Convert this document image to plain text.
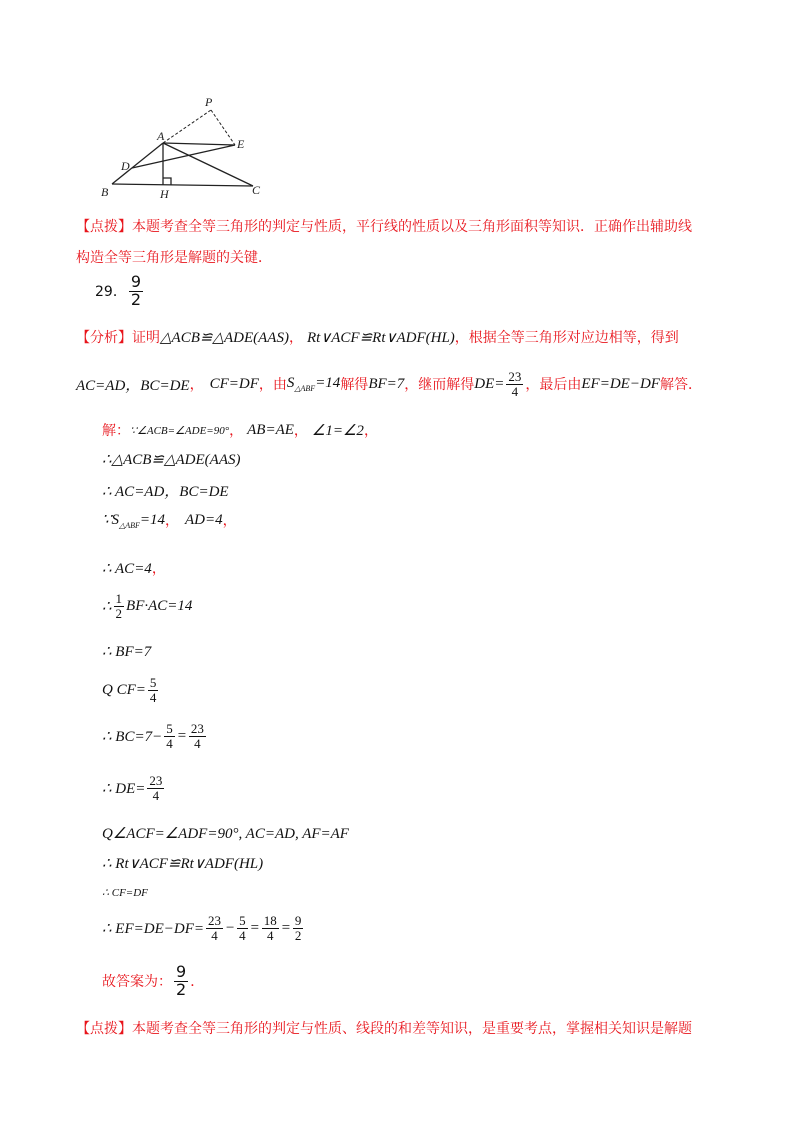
P
A
E
D
B	H	C
【点拨】本题考查全等三角形的判定与性质，平行线的性质以及三角形面积等知识．正确作出辅助线
构造全等三角形是解题的关键．
29． $\frac{9}{2}$
【分析】 证明 △ACB≌△ADE(AAS) ， Rt∨ACF≌Rt∨ADF(HL) ，根据全等三角形对应边相等，得到
AC=AD，BC=DE ， CF=DF ，由 $S_{\triangle ABF}=14$ 解得 BF=7 ，继而解得 $DE= \frac{23}{4}$ ，最后由 EF=DE−DF 解答．
解： ∵∠ACB=∠ADE=90° ， AB=AE ， ∠1=∠2 ，
∴△ACB≌△ADE(AAS)
∴ AC=AD，BC=DE
$\because S_{\triangle ABF}=14$ ， AD=4 ，
∴ AC=4 ，
∴ $\frac{1}{2} BF\cdot AC=14$
∴ BF=7
Q $CF= \frac{5}{4}$
∴ $BC=7- \frac{5}{4} = \frac{23}{4}$
∴ $DE= \frac{23}{4}$
Q∠ACF=∠ADF=90°, AC=AD, AF=AF
∴ Rt∨ACF≌Rt∨ADF(HL)
∴ CF=DF
∴ $EF=DE-DF= \frac{23}{4} - \frac{5}{4} = \frac{18}{4} = \frac{9}{2}$
故答案为： $\frac{9}{2}$ ．
【点拨】本题考查全等三角形的判定与性质、线段的和差等知识，是重要考点，掌握相关知识是解题
